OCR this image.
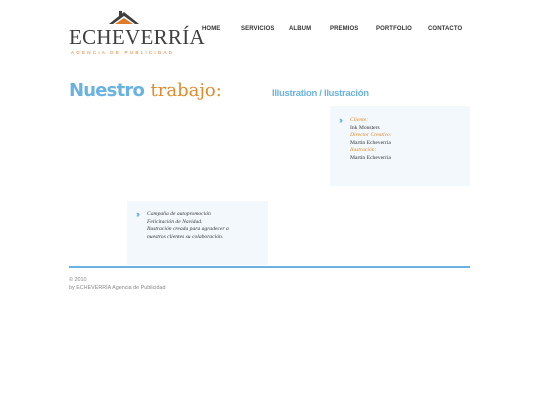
ECHEVERRÍA
AGENCIA DE PUBLICIDAD
HOME	SERVICIOS ALBUM	PREMIOS	PORTFOLIO	CONTACTO
Nuestro trabajo:	Illustration / Ilustración
›› Cliente:
Ink Monsters
Director Creativo:
Martin Echeverria
Ilustración:
Martin Echeverria
›› Campaña de autopromoción
Felicitación de Navidad.
Ilustración creada para agradecer a
nuestros clientes su colaboración.
© 2010
by ECHEVERRÍA Agencia de Publicidad
